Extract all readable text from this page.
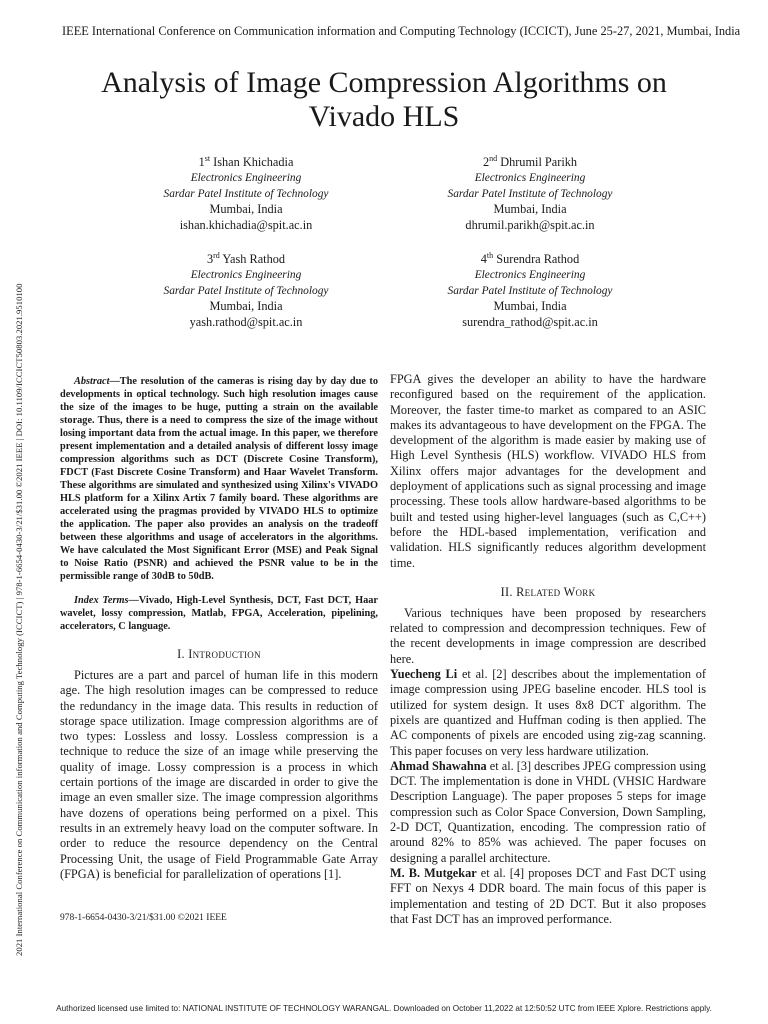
IEEE International Conference on Communication information and Computing Technology (ICCICT), June 25-27, 2021, Mumbai, India
2021 International Conference on Communication information and Computing Technology (ICCICT) | 978-1-6654-0430-3/21/$31.00 ©2021 IEEE | DOI: 10.1109/ICCICT50803.2021.9510100
Analysis of Image Compression Algorithms on
Vivado HLS
1st Ishan Khichadia
Electronics Engineering
Sardar Patel Institute of Technology
Mumbai, India
ishan.khichadia@spit.ac.in
2nd Dhrumil Parikh
Electronics Engineering
Sardar Patel Institute of Technology
Mumbai, India
dhrumil.parikh@spit.ac.in
3rd Yash Rathod
Electronics Engineering
Sardar Patel Institute of Technology
Mumbai, India
yash.rathod@spit.ac.in
4th Surendra Rathod
Electronics Engineering
Sardar Patel Institute of Technology
Mumbai, India
surendra_rathod@spit.ac.in

Abstract—The resolution of the cameras is rising day by day due to developments in optical technology. Such high resolution images cause the size of the images to be huge, putting a strain on the available storage. Thus, there is a need to compress the size of the image without losing important data from the actual image. In this paper, we therefore present implementation and a detailed analysis of different lossy image compression algorithms such as DCT (Discrete Cosine Transform), FDCT (Fast Discrete Cosine Transform) and Haar Wavelet Transform. These algorithms are simulated and synthesized using Xilinx's VIVADO HLS platform for a Xilinx Artix 7 family board. These algorithms are accelerated using the pragmas provided by VIVADO HLS to optimize the application. The paper also provides an analysis on the tradeoff between these algorithms and usage of accelerators in the algorithms. We have calculated the Most Significant Error (MSE) and Peak Signal to Noise Ratio (PSNR) and achieved the PSNR value to be in the permissible range of 30dB to 50dB.

Index Terms—Vivado, High-Level Synthesis, DCT, Fast DCT, Haar wavelet, lossy compression, Matlab, FPGA, Acceleration, pipelining, accelerators, C language.

I. Introduction

Pictures are a part and parcel of human life in this modern age. The high resolution images can be compressed to reduce the redundancy in the image data. This results in reduction of storage space utilization. Image compression algorithms are of two types: Lossless and lossy. Lossless compression is a technique to reduce the size of an image while preserving the quality of image. Lossy compression is a process in which certain portions of the image are discarded in order to give the image an even smaller size. The image compression algorithms have dozens of operations being performed on a pixel. This results in an extremely heavy load on the computer software. In order to reduce the resource dependency on the Central Processing Unit, the usage of Field Programmable Gate Array (FPGA) is beneficial for parallelization of operations [1].

FPGA gives the developer an ability to have the hardware reconfigured based on the requirement of the application. Moreover, the faster time-to market as compared to an ASIC makes its advantageous to have development on the FPGA. The development of the algorithm is made easier by making use of High Level Synthesis (HLS) workflow. VIVADO HLS from Xilinx offers major advantages for the development and deployment of applications such as signal processing and image processing. These tools allow hardware-based algorithms to be built and tested using higher-level languages (such as C,C++) before the HDL-based implementation, verification and validation. HLS significantly reduces algorithm development time.

II. Related Work

Various techniques have been proposed by researchers related to compression and decompression techniques. Few of the recent developments in image compression are described here.

Yuecheng Li et al. [2] describes about the implementation of image compression using JPEG baseline encoder. HLS tool is utilized for system design. It uses 8x8 DCT algorithm. The pixels are quantized and Huffman coding is then applied. The AC components of pixels are encoded using zig-zag scanning. This paper focuses on very less hardware utilization.

Ahmad Shawahna et al. [3] describes JPEG compression using DCT. The implementation is done in VHDL (VHSIC Hardware Description Language). The paper proposes 5 steps for image compression such as Color Space Conversion, Down Sampling, 2-D DCT, Quantization, encoding. The compression ratio of around 82% to 85% was achieved. The paper focuses on designing a parallel architecture.

M. B. Mutgekar et al. [4] proposes DCT and Fast DCT using FFT on Nexys 4 DDR board. The main focus of this paper is implementation and testing of 2D DCT. But it also proposes that Fast DCT has an improved performance.

978-1-6654-0430-3/21/$31.00 ©2021 IEEE
Authorized licensed use limited to: NATIONAL INSTITUTE OF TECHNOLOGY WARANGAL. Downloaded on October 11,2022 at 12:50:52 UTC from IEEE Xplore. Restrictions apply.
